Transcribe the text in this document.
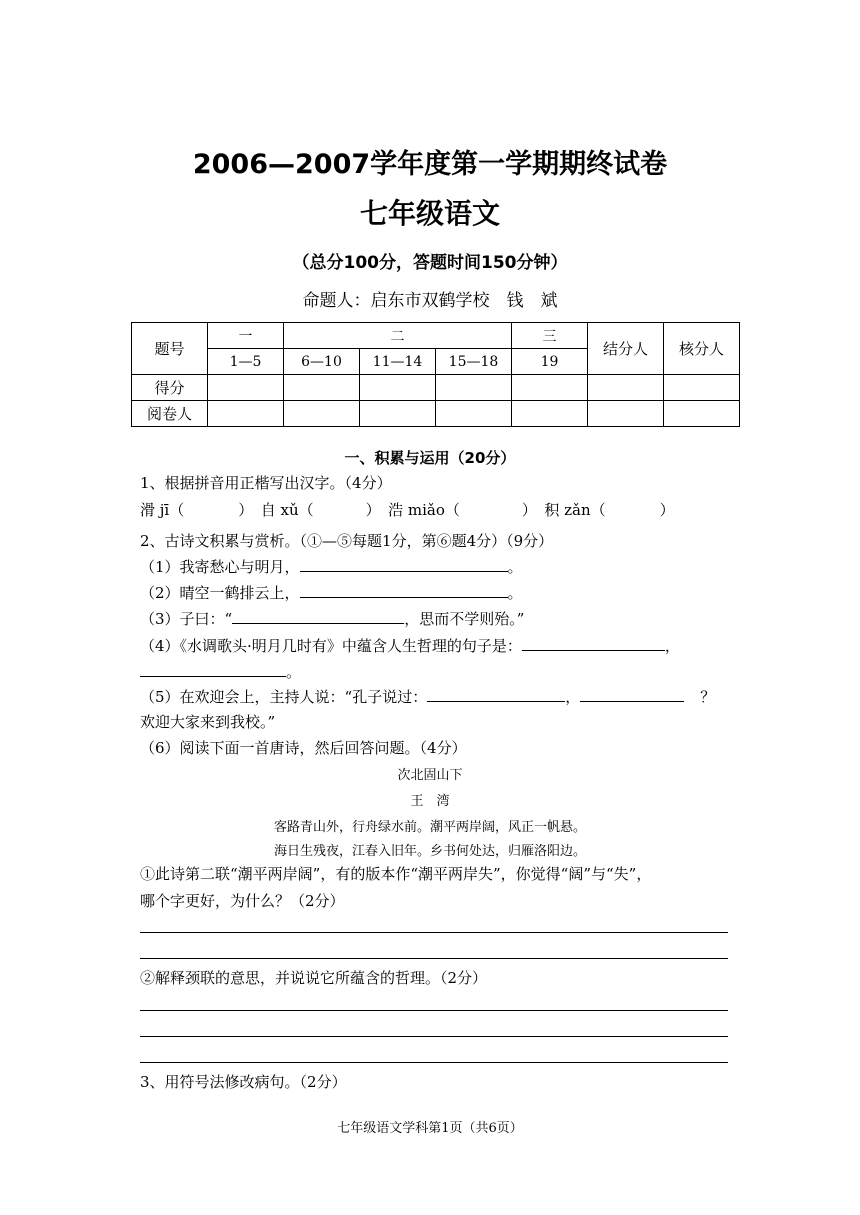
2006—2007学年度第一学期期终试卷
七年级语文
（总分100分，答题时间150分钟）
命题人：启东市双鹤学校　钱　斌
题号	一	二			三	结分人	核分人
	1—5	6—10	11—14	15—18	19		
得分							
阅卷人							
一、积累与运用（20分）
1、根据拼音用正楷写出汉字。（4分）
滑 jī（	）　自 xǔ（	）　浩 miǎo（	）　积 zǎn（	）
2、古诗文积累与赏析。（①—⑤每题1分，第⑥题4分）（9分）
（1）我寄愁心与明月，	。
（2）晴空一鹤排云上，	。
（3）子曰：“	，思而不学则殆。”
（4）《水调歌头·明月几时有》中蕴含人生哲理的句子是：	，
。
（5）在欢迎会上，主持人说：“孔子说过：	，	？
欢迎大家来到我校。”
（6）阅读下面一首唐诗，然后回答问题。（4分）
次北固山下
王　湾
客路青山外，行舟绿水前。潮平两岸阔，风正一帆悬。
海日生残夜，江春入旧年。乡书何处达，归雁洛阳边。
①此诗第二联“潮平两岸阔”，有的版本作“潮平两岸失”，你觉得“阔”与“失”，
哪个字更好，为什么？（2分）
②解释颈联的意思，并说说它所蕴含的哲理。（2分）
3、用符号法修改病句。（2分）
七年级语文学科第1页（共6页）
